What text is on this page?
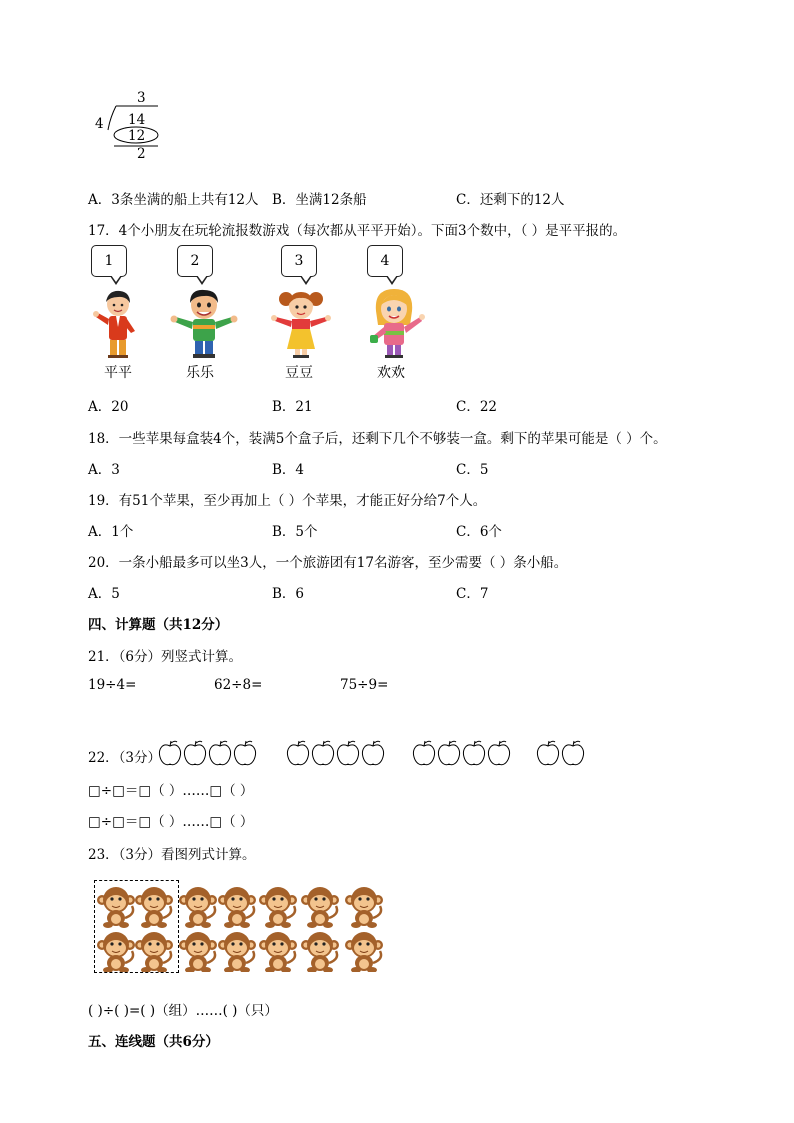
3
4 14
12
2
A．3条坐满的船上共有12人 B．坐满12条船	C．还剩下的12人
17．4个小朋友在玩轮流报数游戏（每次都从平平开始）。下面3个数中，（ ）是平平报的。
1	2	3	4
平平	乐乐	豆豆	欢欢
A．20	B．21	C．22
18．一些苹果每盒装4个，装满5个盒子后，还剩下几个不够装一盒。剩下的苹果可能是（ ）个。
A．3	B．4	C．5
19．有51个苹果，至少再加上（ ）个苹果，才能正好分给7个人。
A．1个	B．5个	C．6个
20．一条小船最多可以坐3人，一个旅游团有17名游客，至少需要（ ）条小船。
A．5	B．6	C．7
四、计算题（共12分）
21．（6分）列竖式计算。
19÷4=	62÷8=	75÷9=
22．（3分）
□÷□＝□（ ）……□（ ）
□÷□＝□（ ）……□（ ）
23．（3分）看图列式计算。
( )÷( )=( )（组）……( )（只）
五、连线题（共6分）
